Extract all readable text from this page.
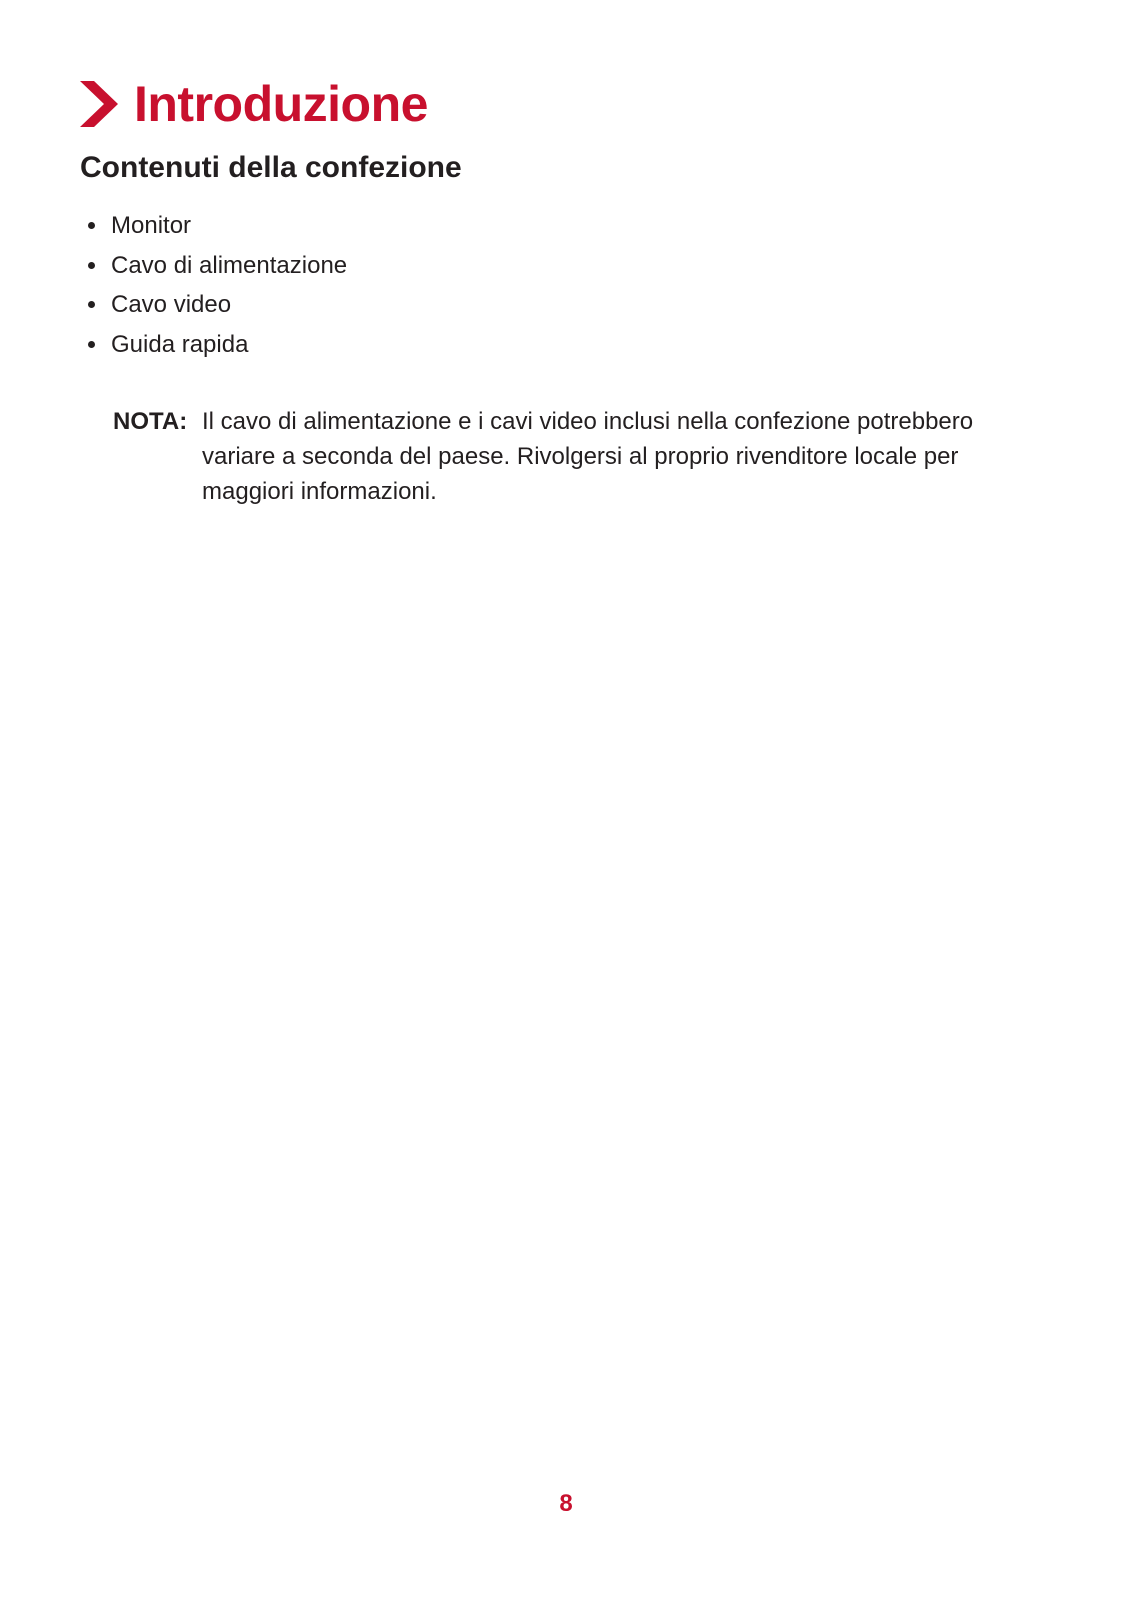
Introduzione
Contenuti della confezione
Monitor
Cavo di alimentazione
Cavo video
Guida rapida
NOTA: Il cavo di alimentazione e i cavi video inclusi nella confezione potrebbero variare a seconda del paese. Rivolgersi al proprio rivenditore locale per maggiori informazioni.
8
